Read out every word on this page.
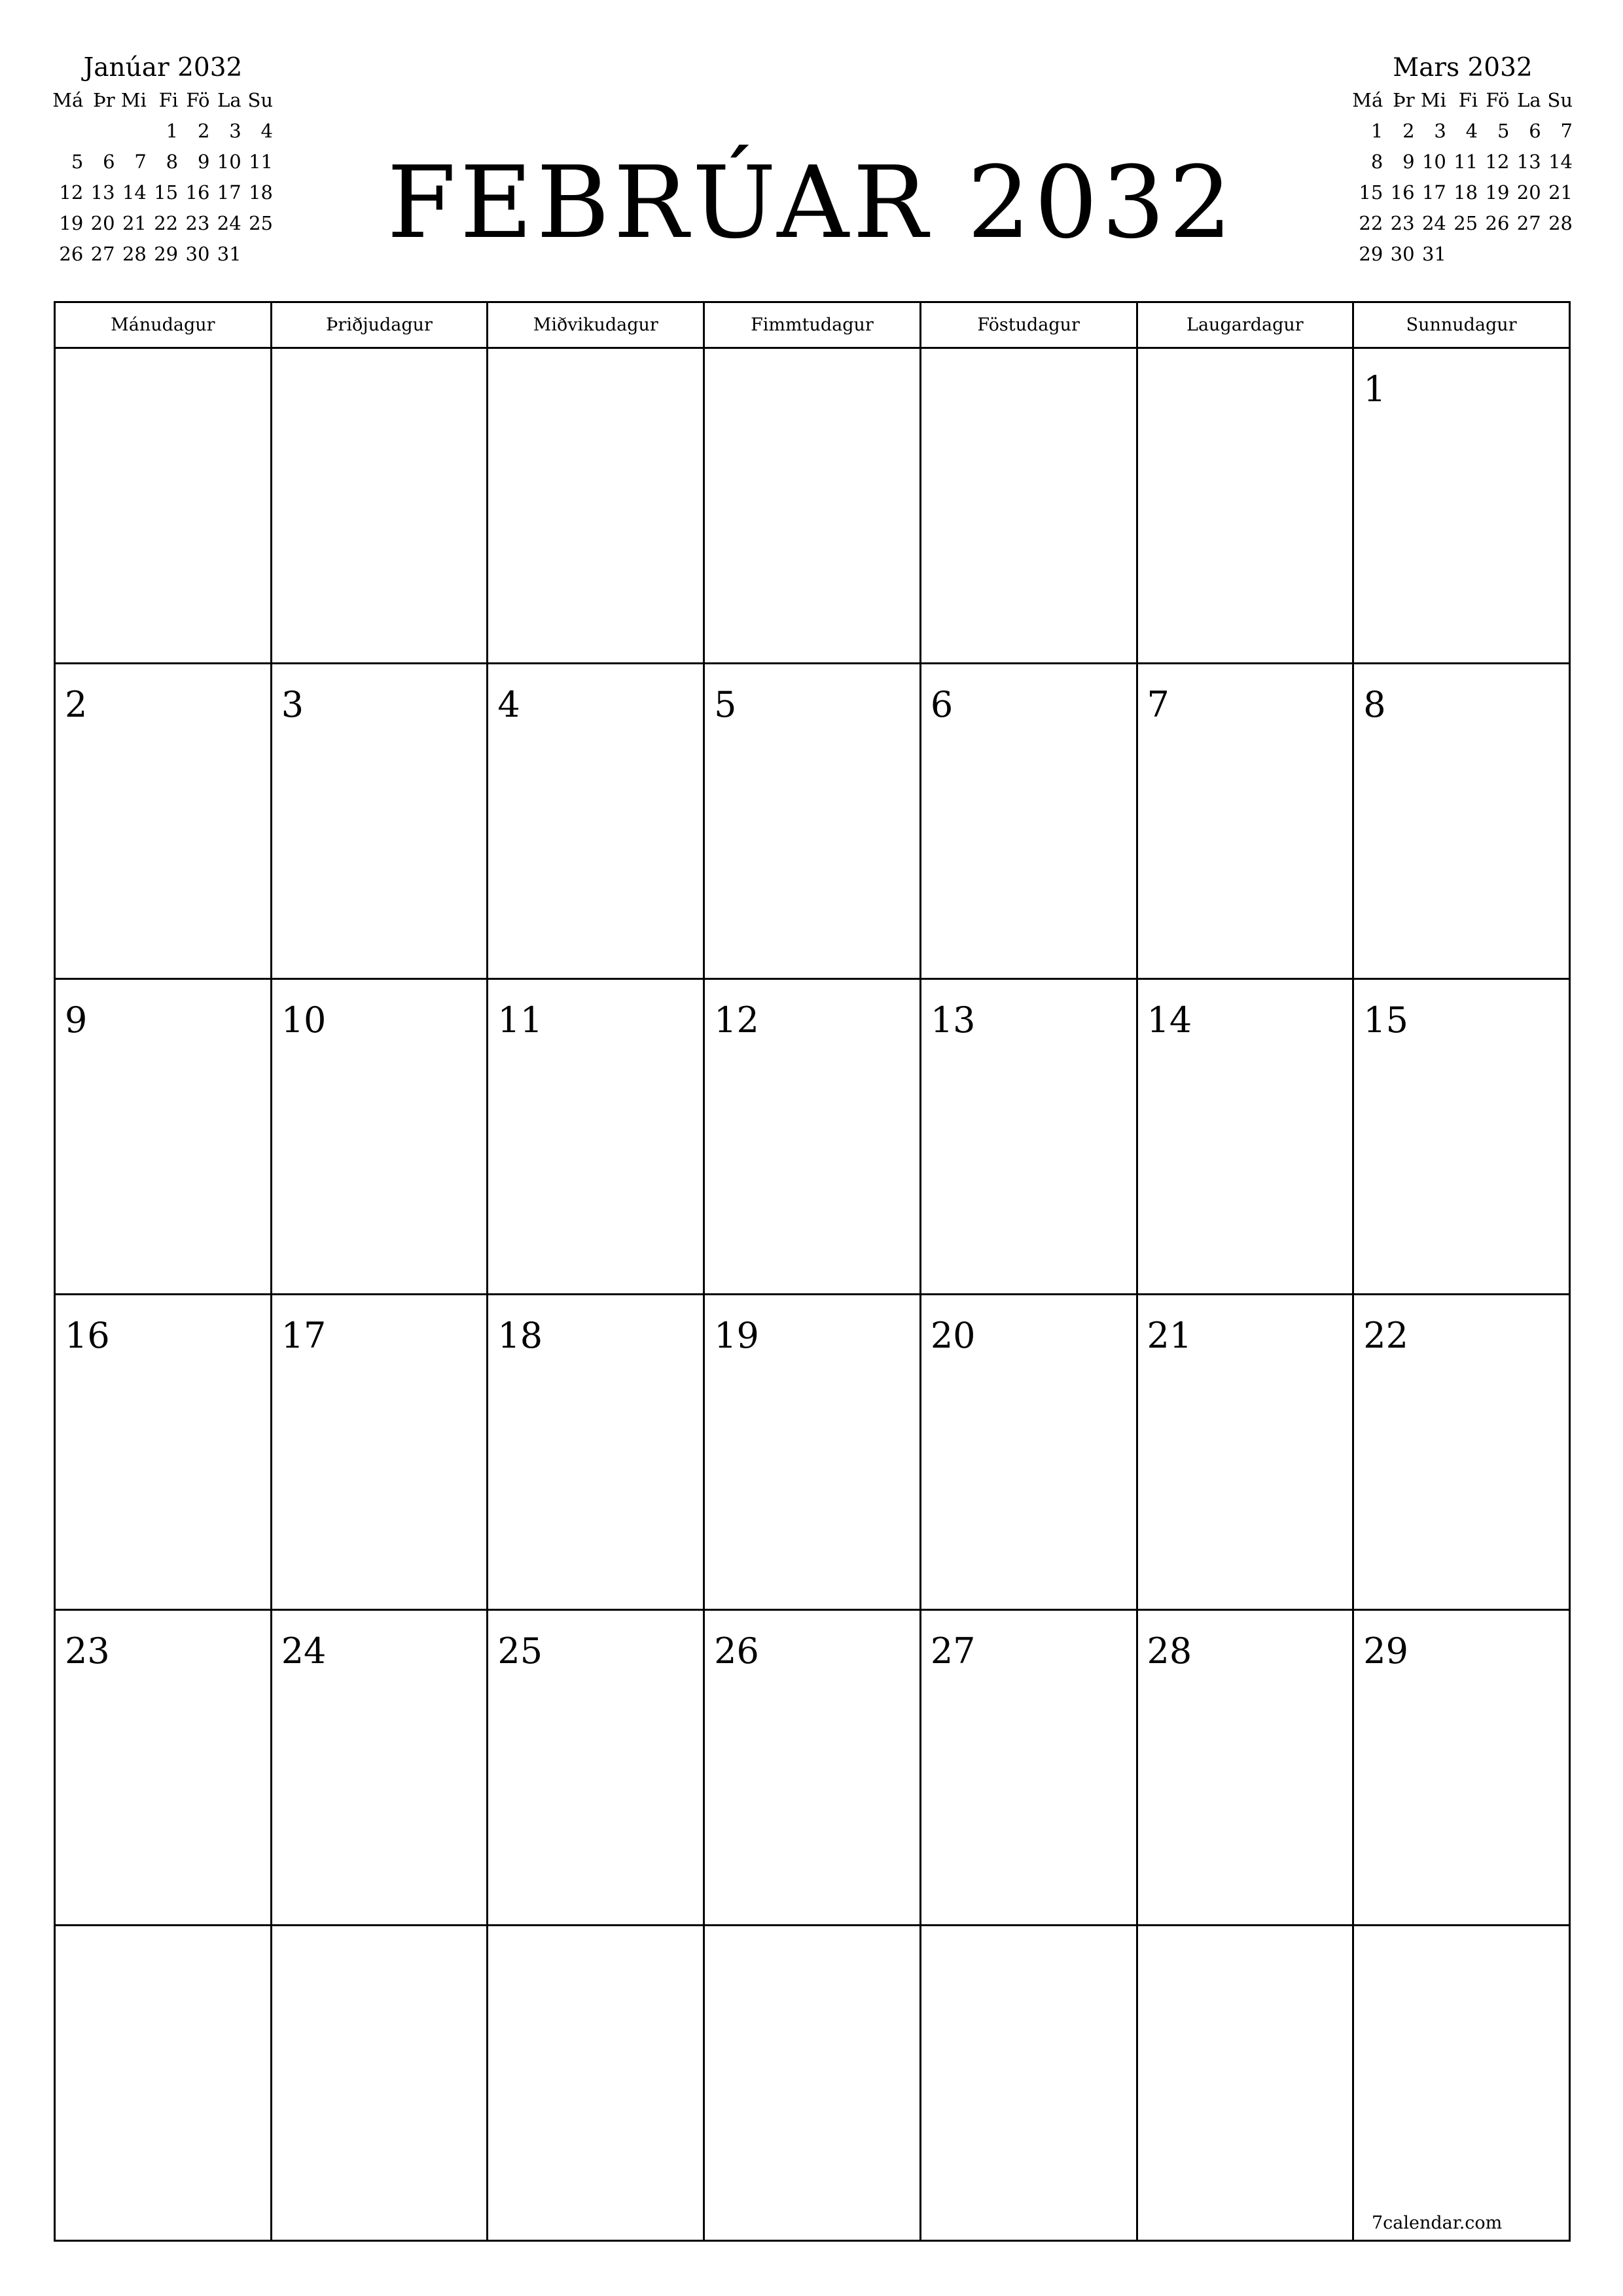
Janúar 2032
Má	Þr	Mi	Fi	Fö	La	Su
			1	2	3	4
5	6	7	8	9	10	11
12	13	14	15	16	17	18
19	20	21	22	23	24	25
26	27	28	29	30	31		FEBRÚAR 2032
Mars 2032
Má	Þr	Mi	Fi	Fö	La	Su
1	2	3	4	5	6	7
8	9	10	11	12	13	14
15	16	17	18	19	20	21
22	23	24	25	26	27	28
29	30	31				
Mánudagur	Þriðjudagur	Miðvikudagur	Fimmtudagur	Föstudagur	Laugardagur	Sunnudagur

						1

2	3	4	5	6	7	8

9	10	11	12	13	14	15

16	17	18	19	20	21	22

23	24	25	26	27	28	29

7calendar.com
